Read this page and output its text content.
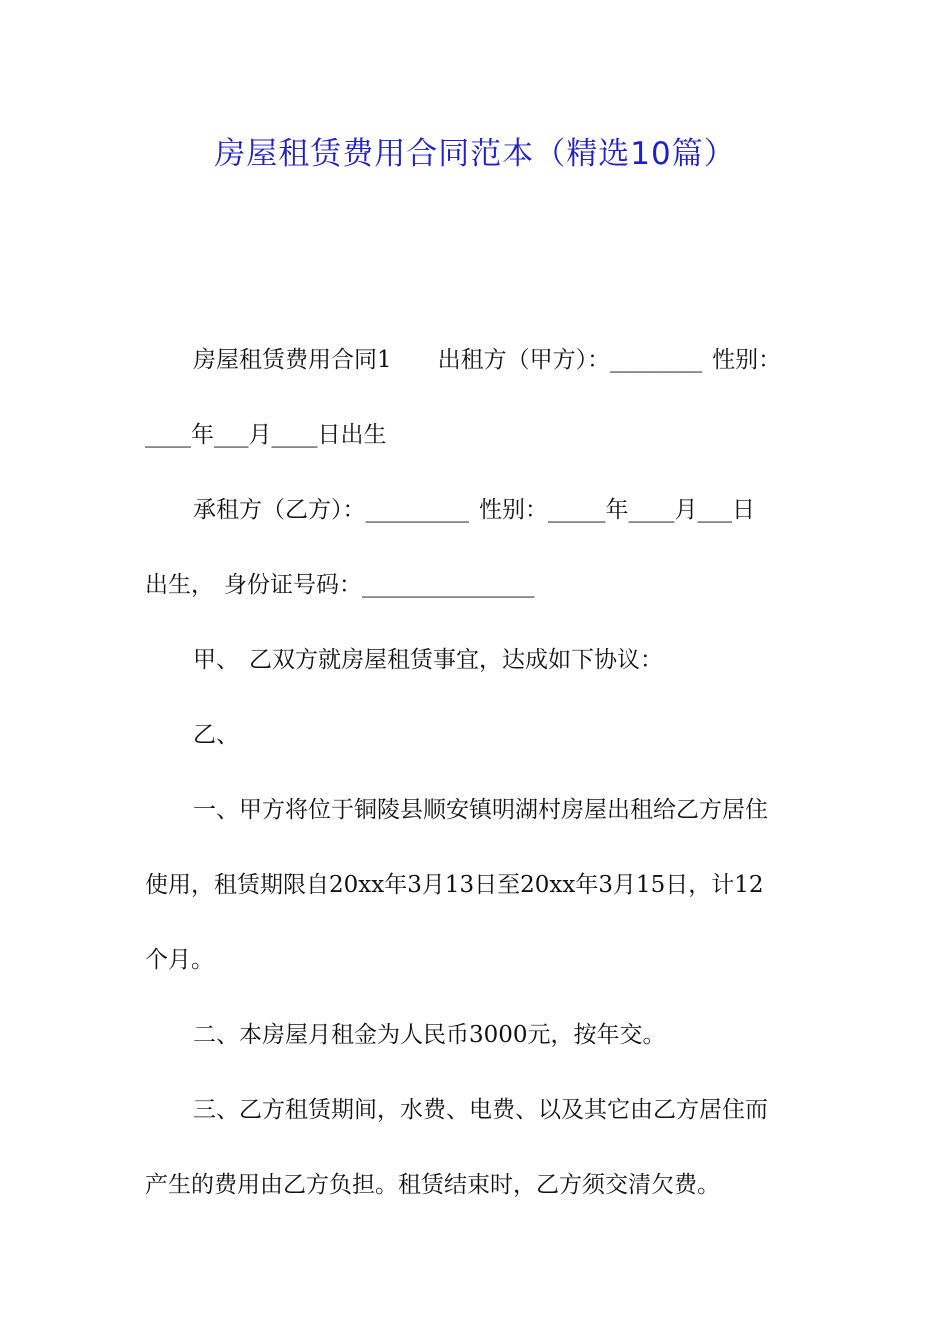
房屋租赁费用合同范本（精选10篇）
房屋租赁费用合同1 出租方（甲方）：________ 性别：
____年___月____日出生
承租方（乙方）：_________ 性别：_____年____月___日
出生， 身份证号码：_______________
甲、 乙双方就房屋租赁事宜，达成如下协议：
乙、
一、甲方将位于铜陵县顺安镇明湖村房屋出租给乙方居住
使用，租赁期限自20xx年3月13日至20xx年3月15日，计12
个月。
二、本房屋月租金为人民币3000元，按年交。
三、乙方租赁期间，水费、电费、以及其它由乙方居住而
产生的费用由乙方负担。租赁结束时，乙方须交清欠费。
